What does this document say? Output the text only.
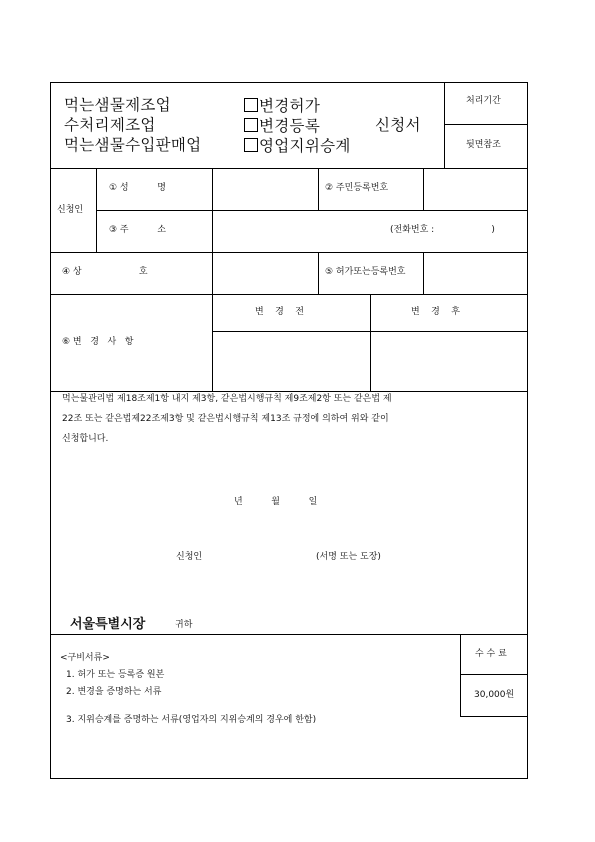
먹는샘물제조업
수처리제조업
먹는샘물수입판매업
변경허가
변경등록
영업지위승계
신청서
처리기간
뒷면참조
신청인
① 성          명	② 주민등록번호
③ 주          소	(전화번호 :                    )
④ 상                    호	⑤ 허가또는등록번호
⑥ 변   경   사   항
변    경    전	변    경    후
먹는물관리법 제18조제1항 내지 제3항, 같은법시행규칙 제9조제2항 또는 같은법 제
22조 또는 같은법제22조제3항 및 같은법시행규칙 제13조 규정에 의하여 위와 같이
신청합니다.
년          월          일
신청인	(서명 또는 도장)
서울특별시장	귀하
<구비서류>
1. 허가 또는 등록증 원본
2. 변경을 증명하는 서류
3. 지위승계를 증명하는 서류(영업자의 지위승계의 경우에 한함)
수 수 료
30,000원
